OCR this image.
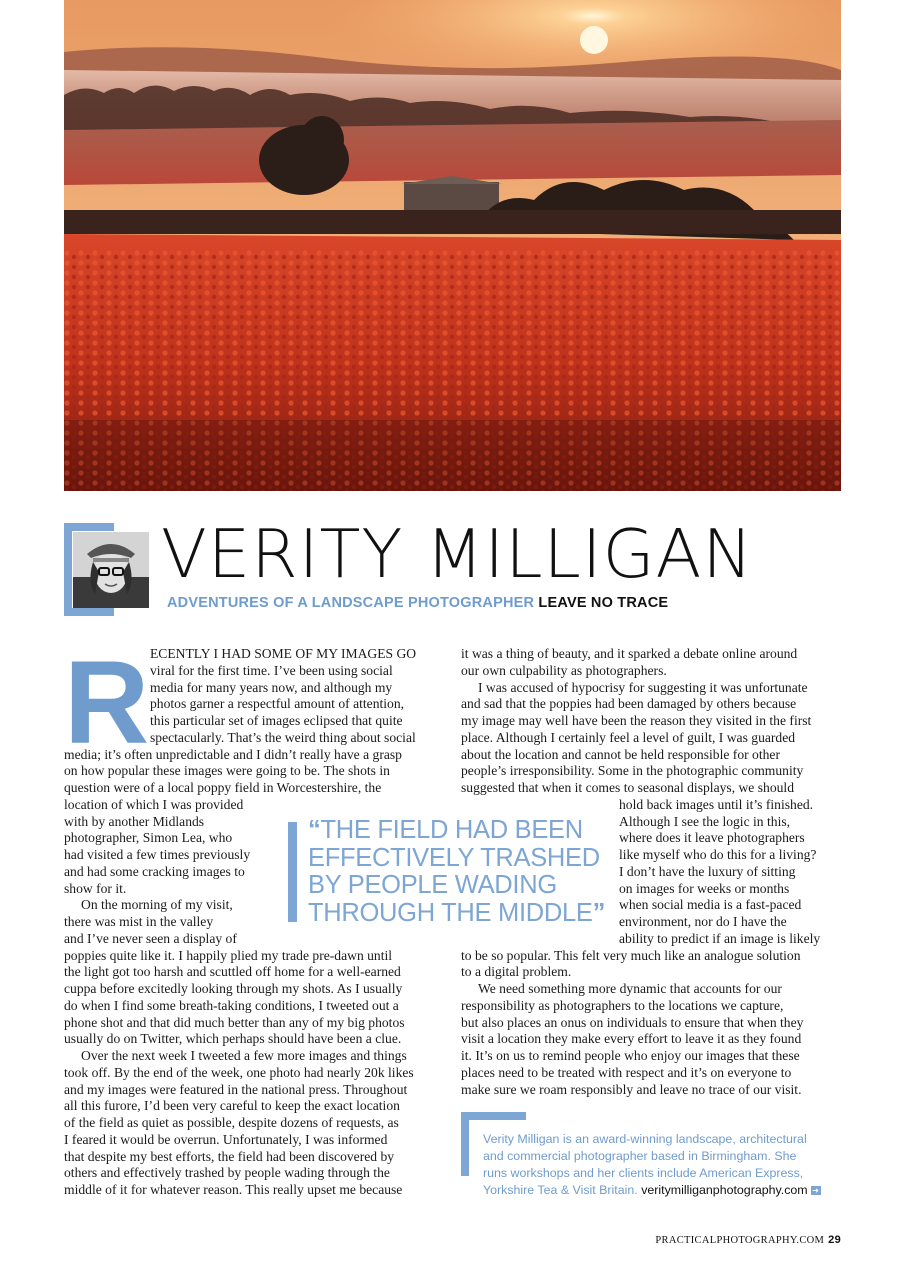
VERITY MILLIGAN
ADVENTURES OF A LANDSCAPE PHOTOGRAPHER LEAVE NO TRACE
R ECENTLY I HAD SOME OF MY IMAGES GO
viral for the first time. I’ve been using social
media for many years now, and although my
photos garner a respectful amount of attention,
this particular set of images eclipsed that quite
spectacularly. That’s the weird thing about social
media; it’s often unpredictable and I didn’t really have a grasp
on how popular these images were going to be. The shots in
question were of a local poppy field in Worcestershire, the
location of which I was provided
with by another Midlands
photographer, Simon Lea, who
had visited a few times previously
and had some cracking images to
show for it.
On the morning of my visit,
there was mist in the valley
and I’ve never seen a display of
poppies quite like it. I happily plied my trade pre-dawn until
the light got too harsh and scuttled off home for a well-earned
cuppa before excitedly looking through my shots. As I usually
do when I find some breath-taking conditions, I tweeted out a
phone shot and that did much better than any of my big photos
usually do on Twitter, which perhaps should have been a clue.
Over the next week I tweeted a few more images and things
took off. By the end of the week, one photo had nearly 20k likes
and my images were featured in the national press. Throughout
all this furore, I’d been very careful to keep the exact location
of the field as quiet as possible, despite dozens of requests, as
I feared it would be overrun. Unfortunately, I was informed
that despite my best efforts, the field had been discovered by
others and effectively trashed by people wading through the
middle of it for whatever reason. This really upset me because
it was a thing of beauty, and it sparked a debate online around
our own culpability as photographers.
I was accused of hypocrisy for suggesting it was unfortunate
and sad that the poppies had been damaged by others because
my image may well have been the reason they visited in the first
place. Although I certainly feel a level of guilt, I was guarded
about the location and cannot be held responsible for other
people’s irresponsibility. Some in the photographic community
suggested that when it comes to seasonal displays, we should
hold back images until it’s finished.
Although I see the logic in this,
where does it leave photographers
like myself who do this for a living?
I don’t have the luxury of sitting
on images for weeks or months
when social media is a fast-paced
environment, nor do I have the
ability to predict if an image is likely
to be so popular. This felt very much like an analogue solution
to a digital problem.
We need something more dynamic that accounts for our
responsibility as photographers to the locations we capture,
but also places an onus on individuals to ensure that when they
visit a location they make every effort to leave it as they found
it. It’s on us to remind people who enjoy our images that these
places need to be treated with respect and it’s on everyone to
make sure we roam responsibly and leave no trace of our visit.
“THE FIELD HAD BEEN
EFFECTIVELY TRASHED
BY PEOPLE WADING
THROUGH THE MIDDLE”
Verity Milligan is an award-winning landscape, architectural
and commercial photographer based in Birmingham. She
runs workshops and her clients include American Express,
Yorkshire Tea & Visit Britain. veritymilliganphotography.com ➜
PRACTICALPHOTOGRAPHY.COM 29
